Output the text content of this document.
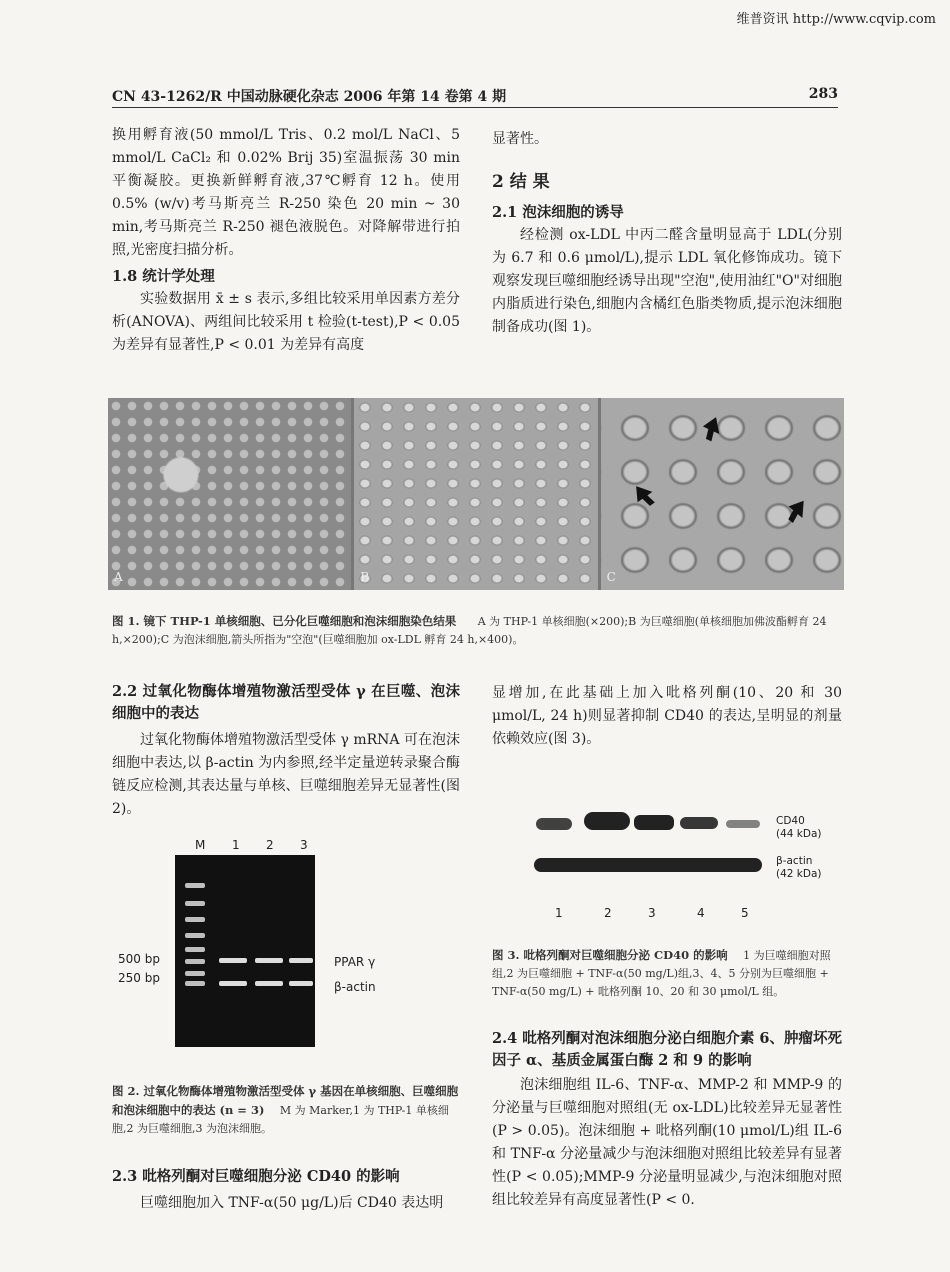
维普资讯 http://www.cqvip.com
CN 43-1262/R 中国动脉硬化杂志 2006 年第 14 卷第 4 期	283

换用孵育液(50 mmol/L Tris、0.2 mol/L NaCl、5 mmol/L CaCl₂ 和 0.02% Brij 35)室温振荡 30 min 平衡凝胶。更换新鲜孵育液,37℃孵育 12 h。使用 0.5% (w/v)考马斯亮兰 R-250 染色 20 min ~ 30 min,考马斯亮兰 R-250 褪色液脱色。对降解带进行拍照,光密度扫描分析。

1.8 统计学处理

实验数据用 x̄ ± s 表示,多组比较采用单因素方差分析(ANOVA)、两组间比较采用 t 检验(t-test),P < 0.05 为差异有显著性,P < 0.01 为差异有高度

显著性。

2 结 果
2.1 泡沫细胞的诱导

经检测 ox-LDL 中丙二醛含量明显高于 LDL(分别为 6.7 和 0.6 μmol/L),提示 LDL 氧化修饰成功。镜下观察发现巨噬细胞经诱导出现"空泡",使用油红"O"对细胞内脂质进行染色,细胞内含橘红色脂类物质,提示泡沫细胞制备成功(图 1)。

A	B	C
图 1. 镜下 THP-1 单核细胞、已分化巨噬细胞和泡沫细胞染色结果 A 为 THP-1 单核细胞(×200);B 为巨噬细胞(单核细胞加佛波酯孵育 24 h,×200);C 为泡沫细胞,箭头所指为"空泡"(巨噬细胞加 ox-LDL 孵育 24 h,×400)。
2.2 过氧化物酶体增殖物激活型受体 γ 在巨噬、泡沫细胞中的表达

过氧化物酶体增殖物激活型受体 γ mRNA 可在泡沫细胞中表达,以 β-actin 为内参照,经半定量逆转录聚合酶链反应检测,其表达量与单核、巨噬细胞差异无显著性(图 2)。

M 1 2 3
500 bp
250 bp
PPAR γ
β-actin
图 2. 过氧化物酶体增殖物激活型受体 γ 基因在单核细胞、巨噬细胞和泡沫细胞中的表达 (n = 3) M 为 Marker,1 为 THP-1 单核细胞,2 为巨噬细胞,3 为泡沫细胞。
2.3 吡格列酮对巨噬细胞分泌 CD40 的影响

巨噬细胞加入 TNF-α(50 μg/L)后 CD40 表达明

显增加,在此基础上加入吡格列酮(10、20 和 30 μmol/L, 24 h)则显著抑制 CD40 的表达,呈明显的剂量依赖效应(图 3)。

CD40
(44 kDa)
β-actin
(42 kDa)
1	2	3	4	5
图 3. 吡格列酮对巨噬细胞分泌 CD40 的影响 1 为巨噬细胞对照组,2 为巨噬细胞 + TNF-α(50 mg/L)组,3、4、5 分别为巨噬细胞 + TNF-α(50 mg/L) + 吡格列酮 10、20 和 30 μmol/L 组。
2.4 吡格列酮对泡沫细胞分泌白细胞介素 6、肿瘤坏死因子 α、基质金属蛋白酶 2 和 9 的影响

泡沫细胞组 IL-6、TNF-α、MMP-2 和 MMP-9 的分泌量与巨噬细胞对照组(无 ox-LDL)比较差异无显著性(P > 0.05)。泡沫细胞 + 吡格列酮(10 μmol/L)组 IL-6 和 TNF-α 分泌量减少与泡沫细胞对照组比较差异有显著性(P < 0.05);MMP-9 分泌量明显减少,与泡沫细胞对照组比较差异有高度显著性(P < 0.
